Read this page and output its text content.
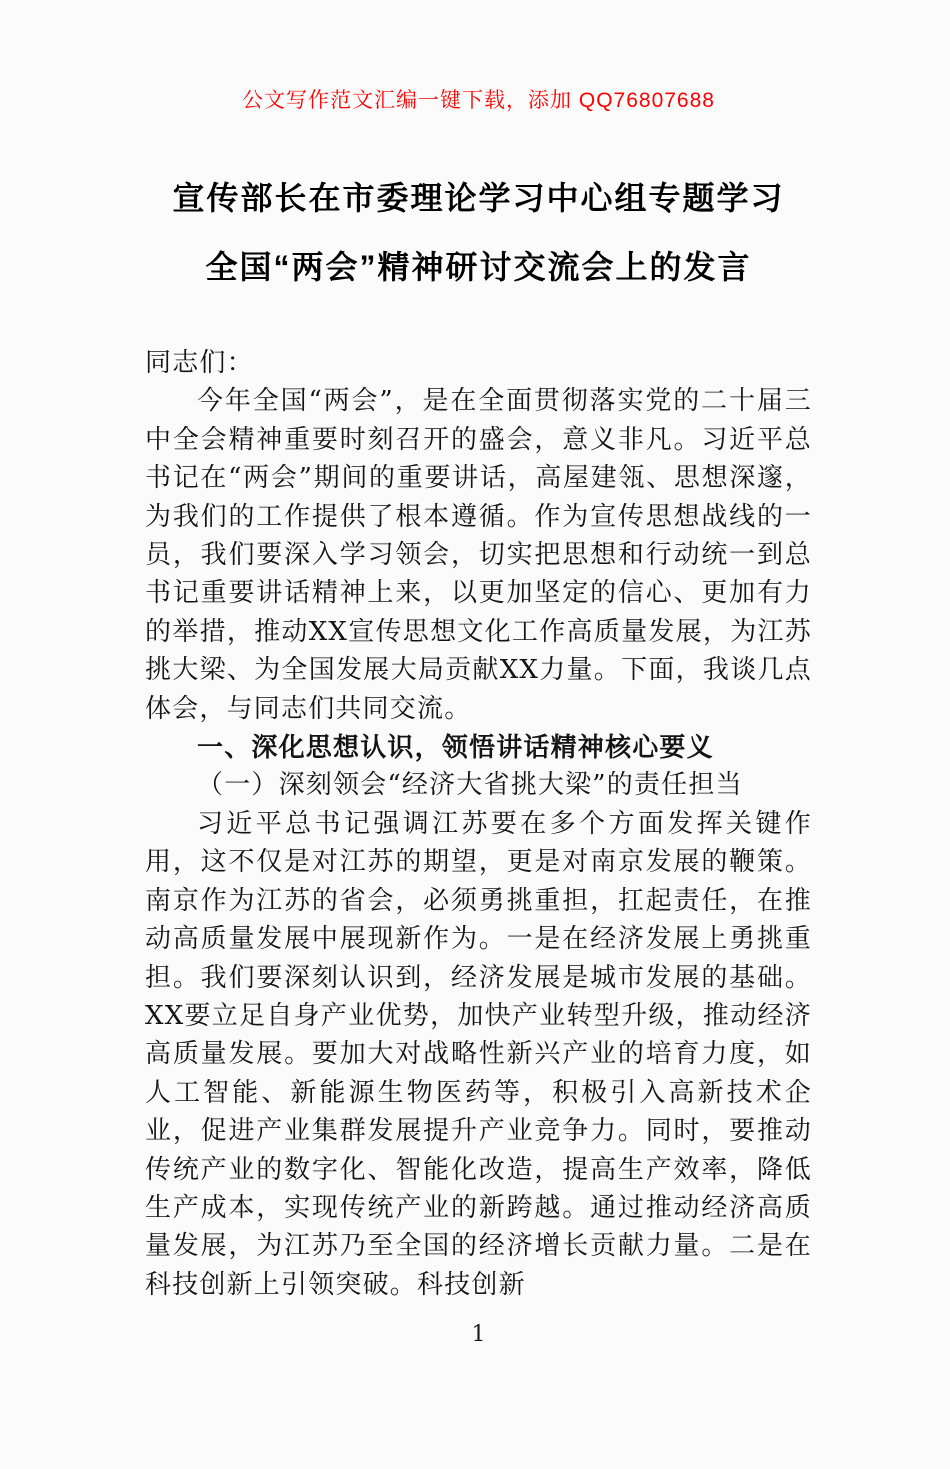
公文写作范文汇编一键下载，添加 QQ76807688
宣传部长在市委理论学习中心组专题学习
全国“两会”精神研讨交流会上的发言

同志们：

今年全国“两会”，是在全面贯彻落实党的二十届三中全会精神重要时刻召开的盛会，意义非凡。习近平总书记在“两会”期间的重要讲话，高屋建瓴、思想深邃，为我们的工作提供了根本遵循。作为宣传思想战线的一员，我们要深入学习领会，切实把思想和行动统一到总书记重要讲话精神上来，以更加坚定的信心、更加有力的举措，推动XX宣传思想文化工作高质量发展，为江苏挑大梁、为全国发展大局贡献XX力量。下面，我谈几点体会，与同志们共同交流。

一、深化思想认识，领悟讲话精神核心要义

（一）深刻领会“经济大省挑大梁”的责任担当

习近平总书记强调江苏要在多个方面发挥关键作用，这不仅是对江苏的期望，更是对南京发展的鞭策。南京作为江苏的省会，必须勇挑重担，扛起责任，在推动高质量发展中展现新作为。一是在经济发展上勇挑重担。我们要深刻认识到，经济发展是城市发展的基础。XX要立足自身产业优势，加快产业转型升级，推动经济高质量发展。要加大对战略性新兴产业的培育力度，如人工智能、新能源生物医药等，积极引入高新技术企业，促进产业集群发展提升产业竞争力。同时，要推动传统产业的数字化、智能化改造，提高生产效率，降低生产成本，实现传统产业的新跨越。通过推动经济高质量发展，为江苏乃至全国的经济增长贡献力量。二是在科技创新上引领突破。科技创新

1
